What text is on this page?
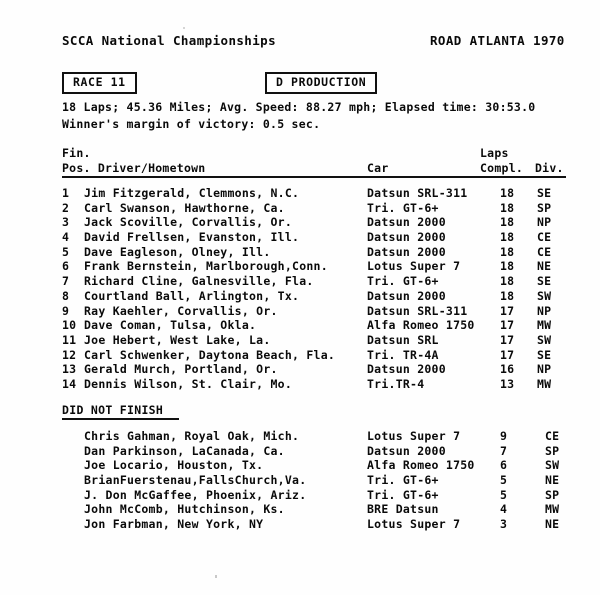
SCCA National Championships	ROAD ATLANTA 1970
RACE 11	D PRODUCTION
18 Laps; 45.36 Miles; Avg. Speed: 88.27 mph; Elapsed time: 30:53.0
Winner's margin of victory: 0.5 sec.
Fin.
Pos. Driver/Hometown	Car
Laps
Compl. Div.
1 Jim Fitzgerald, Clemmons, N.C.	Datsun SRL-311	18 SE
2 Carl Swanson, Hawthorne, Ca.	Tri. GT-6+	18 SP
3 Jack Scoville, Corvallis, Or.	Datsun 2000	18 NP
4 David Frellsen, Evanston, Ill.	Datsun 2000	18 CE
5 Dave Eagleson, Olney, Ill.	Datsun 2000	18 CE
6 Frank Bernstein, Marlborough,Conn.	Lotus Super 7	18 NE
7 Richard Cline, Galnesville, Fla.	Tri. GT-6+	18 SE
8 Courtland Ball, Arlington, Tx.	Datsun 2000	18 SW
9 Ray Kaehler, Corvallis, Or.	Datsun SRL-311	17 NP
10 Dave Coman, Tulsa, Okla.	Alfa Romeo 1750 17 MW
11 Joe Hebert, West Lake, La.	Datsun SRL	17 SW
12 Carl Schwenker, Daytona Beach, Fla.	Tri. TR-4A	17 SE
13 Gerald Murch, Portland, Or.	Datsun 2000	16 NP
14 Dennis Wilson, St. Clair, Mo.	Tri.TR-4	13 MW
DID NOT FINISH
Chris Gahman, Royal Oak, Mich.	Lotus Super 7	9	CE
Dan Parkinson, LaCanada, Ca.	Datsun 2000	7	SP
Joe Locario, Houston, Tx.	Alfa Romeo 1750 6	SW
BrianFuerstenau,FallsChurch,Va.	Tri. GT-6+	5	NE
J. Don McGaffee, Phoenix, Ariz.	Tri. GT-6+	5	SP
John McComb, Hutchinson, Ks.	BRE Datsun	4	MW
Jon Farbman, New York, NY	Lotus Super 7	3	NE
